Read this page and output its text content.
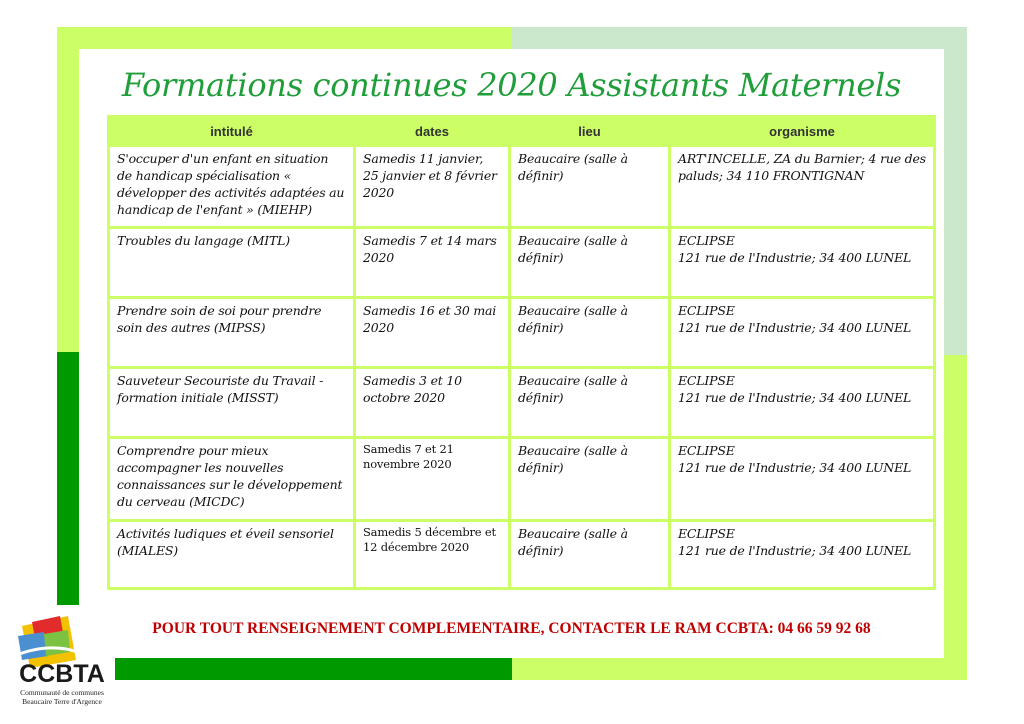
Formations continues 2020 Assistants Maternels
intitulé	dates	lieu	organisme
S'occuper d'un enfant en situation de handicap spécialisation « développer des activités adaptées au handicap de l'enfant » (MIEHP)	Samedis 11 janvier, 25 janvier et 8 février 2020	Beaucaire (salle à définir)	ART'INCELLE, ZA du Barnier; 4 rue des paluds; 34 110 FRONTIGNAN
Troubles du langage (MITL)	Samedis 7 et 14 mars 2020	Beaucaire (salle à définir)	ECLIPSE
121 rue de l'Industrie; 34 400 LUNEL
Prendre soin de soi pour prendre soin des autres (MIPSS)	Samedis 16 et 30 mai 2020	Beaucaire (salle à définir)	ECLIPSE
121 rue de l'Industrie; 34 400 LUNEL
Sauveteur Secouriste du Travail - formation initiale (MISST)	Samedis 3 et 10 octobre 2020	Beaucaire (salle à définir)	ECLIPSE
121 rue de l'Industrie; 34 400 LUNEL
Comprendre pour mieux accompagner les nouvelles connaissances sur le développement du cerveau (MICDC)	Samedis 7 et 21 novembre 2020	Beaucaire (salle à définir)	ECLIPSE
121 rue de l'Industrie; 34 400 LUNEL
Activités ludiques et éveil sensoriel (MIALES)	Samedis 5 décembre et 12 décembre 2020	Beaucaire (salle à définir)	ECLIPSE
121 rue de l'Industrie; 34 400 LUNEL

POUR TOUT RENSEIGNEMENT COMPLEMENTAIRE, CONTACTER LE RAM CCBTA: 04 66 59 92 68

CCBTA
Communauté de communes
Beaucaire Terre d'Argence
